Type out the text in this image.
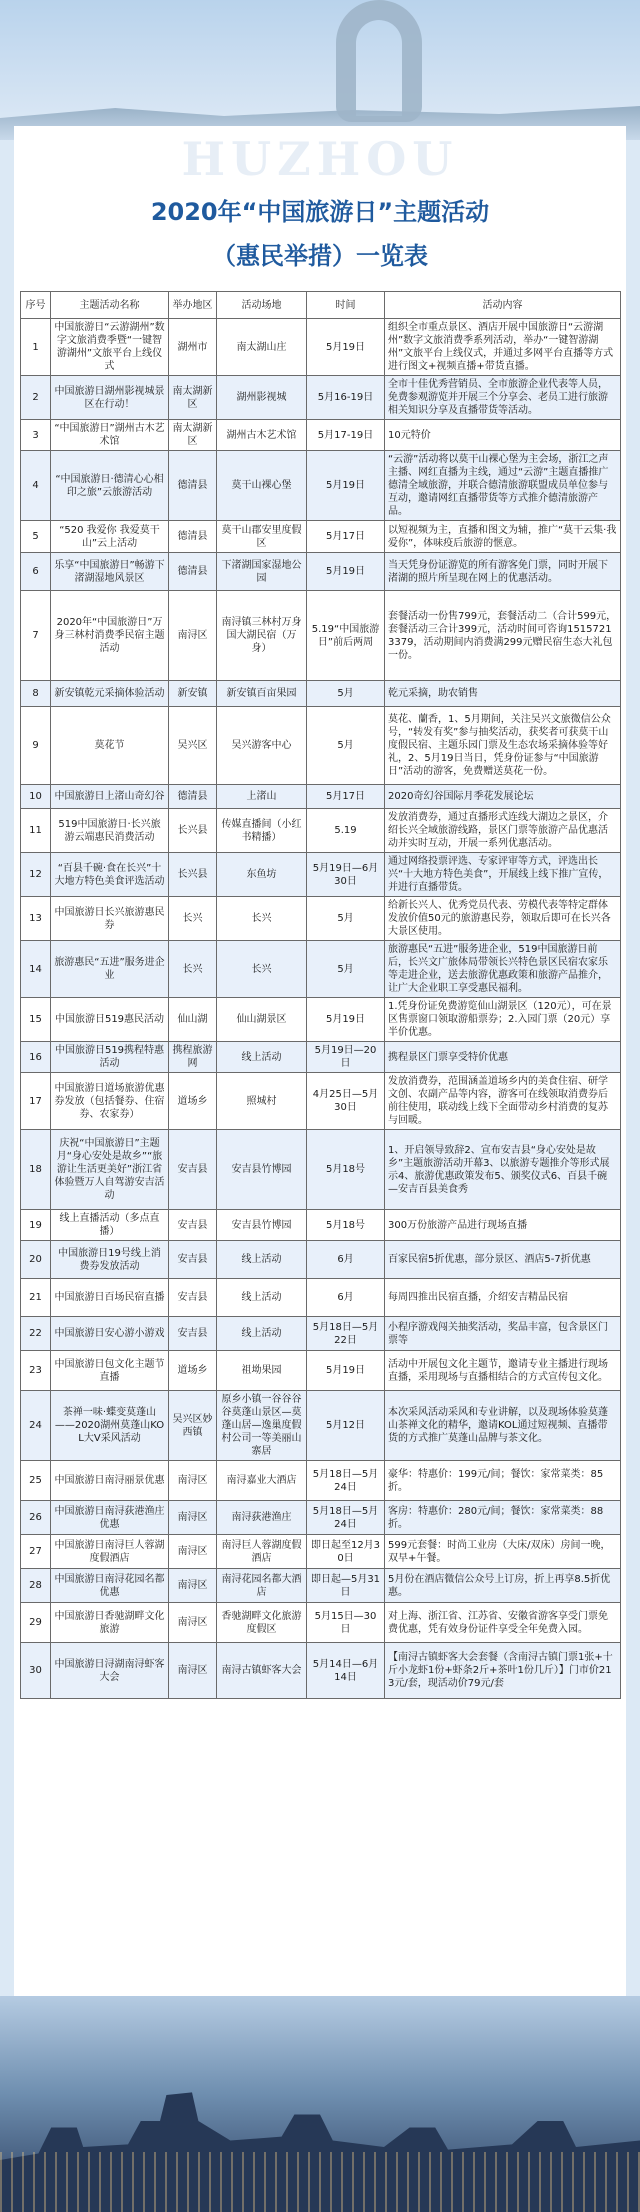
HUZHOU
2020年“中国旅游日”主题活动
（惠民举措）一览表
序号	主题活动名称	举办地区	活动场地	时间	活动内容
1	中国旅游日“云游湖州”数字文旅消费季暨“一键智游湖州”文旅平台上线仪式	湖州市	南太湖山庄	5月19日	组织全市重点景区、酒店开展中国旅游日“云游湖州”数字文旅消费季系列活动，举办“一键智游湖州”文旅平台上线仪式，并通过多网平台直播等方式进行图文+视频直播+带货直播。
2	中国旅游日湖州影视城景区在行动！	南太湖新区	湖州影视城	5月16-19日	全市十佳优秀营销员、全市旅游企业代表等人员，免费参观游览并开展三个分享会、老员工进行旅游相关知识分享及直播带货等活动。
3	“中国旅游日”湖州古木艺术馆	南太湖新区	湖州古木艺术馆	5月17-19日	10元特价
4	“中国旅游日·德清心心相印之旅”云旅游活动	德清县	莫干山裸心堡	5月19日	“云游”活动将以莫干山裸心堡为主会场，浙江之声主播、网红直播为主线，通过“云游”主题直播推广德清全域旅游，并联合德清旅游联盟成员单位参与互动，邀请网红直播带货等方式推介德清旅游产品。
5	“520 我爱你 我爱莫干山”云上活动	德清县	莫干山郡安里度假区	5月17日	以短视频为主，直播和图文为辅，推广“莫干云集·我爱你”，体味疫后旅游的惬意。
6	乐享“中国旅游日”畅游下渚湖湿地风景区	德清县	下渚湖国家湿地公园	5月19日	当天凭身份证游览的所有游客免门票，同时开展下渚湖的照片所呈现在网上的优惠活动。
7	2020年“中国旅游日”万身三林村消费季民宿主题活动	南浔区	南浔镇三林村万身国大湖民宿（万身）	5.19“中国旅游日”前后两周	套餐活动一份售799元，套餐活动二（合计599元，套餐活动三合计399元，活动时间可咨询15157213379，活动期间内消费满299元赠民宿生态大礼包一份。
8	新安镇乾元采摘体验活动	新安镇	新安镇百亩果园	5月	乾元采摘，助农销售
9	莫花节	吴兴区	吴兴游客中心	5月	莫花、蘭香，1、5月期间，关注吴兴文旅微信公众号，“转发有奖”参与抽奖活动，获奖者可获莫干山度假民宿、主题乐园门票及生态农场采摘体验等好礼，2、5月19日当日，凭身份证参与“中国旅游日”活动的游客，免费赠送莫花一份。
10	中国旅游日上渚山奇幻谷	德清县	上渚山	5月17日	2020奇幻谷国际月季花发展论坛
11	519中国旅游日·长兴旅游云端惠民消费活动	长兴县	传媒直播间（小红书精播）	5.19	发放消费券，通过直播形式连线大湖边之景区，介绍长兴全域旅游线路，景区门票等旅游产品优惠活动并实时互动，开展一系列优惠活动。
12	“百县千碗·食在长兴”十大地方特色美食评选活动	长兴县	东鱼坊	5月19日—6月30日	通过网络投票评选、专家评审等方式，评选出长兴“十大地方特色美食”，开展线上线下推广宣传，并进行直播带货。
13	中国旅游日长兴旅游惠民券	长兴	长兴	5月	给新长兴人、优秀党员代表、劳模代表等特定群体发放价值50元的旅游惠民券，领取后即可在长兴各大景区使用。
14	旅游惠民“五进”服务进企业	长兴	长兴	5月	旅游惠民“五进”服务进企业，519中国旅游日前后，长兴文广旅体局带领长兴特色景区民宿农家乐等走进企业，送去旅游优惠政策和旅游产品推介，让广大企业职工享受惠民福利。
15	中国旅游日519惠民活动	仙山湖	仙山湖景区	5月19日	1.凭身份证免费游览仙山湖景区（120元），可在景区售票窗口领取游船票券；2.入园门票（20元）享半价优惠。
16	中国旅游日519携程特惠活动	携程旅游网	线上活动	5月19日—20日	携程景区门票享受特价优惠
17	中国旅游日道场旅游优惠券发放（包括餐券、住宿券、农家券）	道场乡	照城村	4月25日—5月30日	发放消费券，范围涵盖道场乡内的美食住宿、研学文创、农副产品等内容，游客可在线领取消费券后前往使用，联动线上线下全面带动乡村消费的复苏与回暖。
18	庆祝“中国旅游日”主题月“身心安处是故乡”“旅游让生活更美好”浙江省体验暨万人自驾游安吉活动	安吉县	安吉县竹博园	5月18号	1、开启领导致辞2、宣布安吉县“身心安处是故乡”主题旅游活动开幕3、以旅游专题推介等形式展示4、旅游优惠政策发布5、颁奖仪式6、百县千碗—安吉百县美食秀
19	线上直播活动（多点直播）	安吉县	安吉县竹博园	5月18号	300万份旅游产品进行现场直播
20	中国旅游日19号线上消费券发放活动	安吉县	线上活动	6月	百家民宿5折优惠，部分景区、酒店5-7折优惠
21	中国旅游日百场民宿直播	安吉县	线上活动	6月	每周四推出民宿直播，介绍安吉精品民宿
22	中国旅游日安心游小游戏	安吉县	线上活动	5月18日—5月22日	小程序游戏闯关抽奖活动，奖品丰富，包含景区门票等
23	中国旅游日包文化主题节直播	道场乡	祖坳果园	5月19日	活动中开展包文化主题节，邀请专业主播进行现场直播，采用现场与直播相结合的方式宣传包文化。
24	茶禅一味·蝶变莫蓬山——2020湖州莫蓬山KOL大V采风活动	吴兴区妙西镇	原乡小镇一谷谷谷谷莫蓬山景区—莫蓬山居—逸巢度假村公司一等美丽山寨居	5月12日	本次采风活动采风和专业讲解，以及现场体验莫蓬山茶禅文化的精华，邀请KOL通过短视频、直播带货的方式推广莫蓬山品牌与茶文化。
25	中国旅游日南浔丽景优惠	南浔区	南浔嘉业大酒店	5月18日—5月24日	豪华：特惠价：199元/间；餐饮：家常菜类：85折。
26	中国旅游日南浔荻港渔庄优惠	南浔区	南浔荻港渔庄	5月18日—5月24日	客房：特惠价：280元/间；餐饮：家常菜类：88折。
27	中国旅游日南浔巨人蓉湖度假酒店	南浔区	南浔巨人蓉湖度假酒店	即日起至12月30日	599元套餐：时尚工业房（大床/双床）房间一晚，双早+午餐。
28	中国旅游日南浔花园名都优惠	南浔区	南浔花园名都大酒店	即日起—5月31日	5月份在酒店微信公众号上订房，折上再享8.5折优惠。
29	中国旅游日香驰湖畔文化旅游	南浔区	香驰湖畔文化旅游度假区	5月15日—30日	对上海、浙江省、江苏省、安徽省游客享受门票免费优惠，凭有效身份证件享受全年免费入园。
30	中国旅游日浔湖南浔虾客大会	南浔区	南浔古镇虾客大会	5月14日—6月14日	【南浔古镇虾客大会套餐（含南浔古镇门票1张+十斤小龙虾1份+虾条2斤+茶叶1份几斤）】门市价213元/套，现活动价79元/套
